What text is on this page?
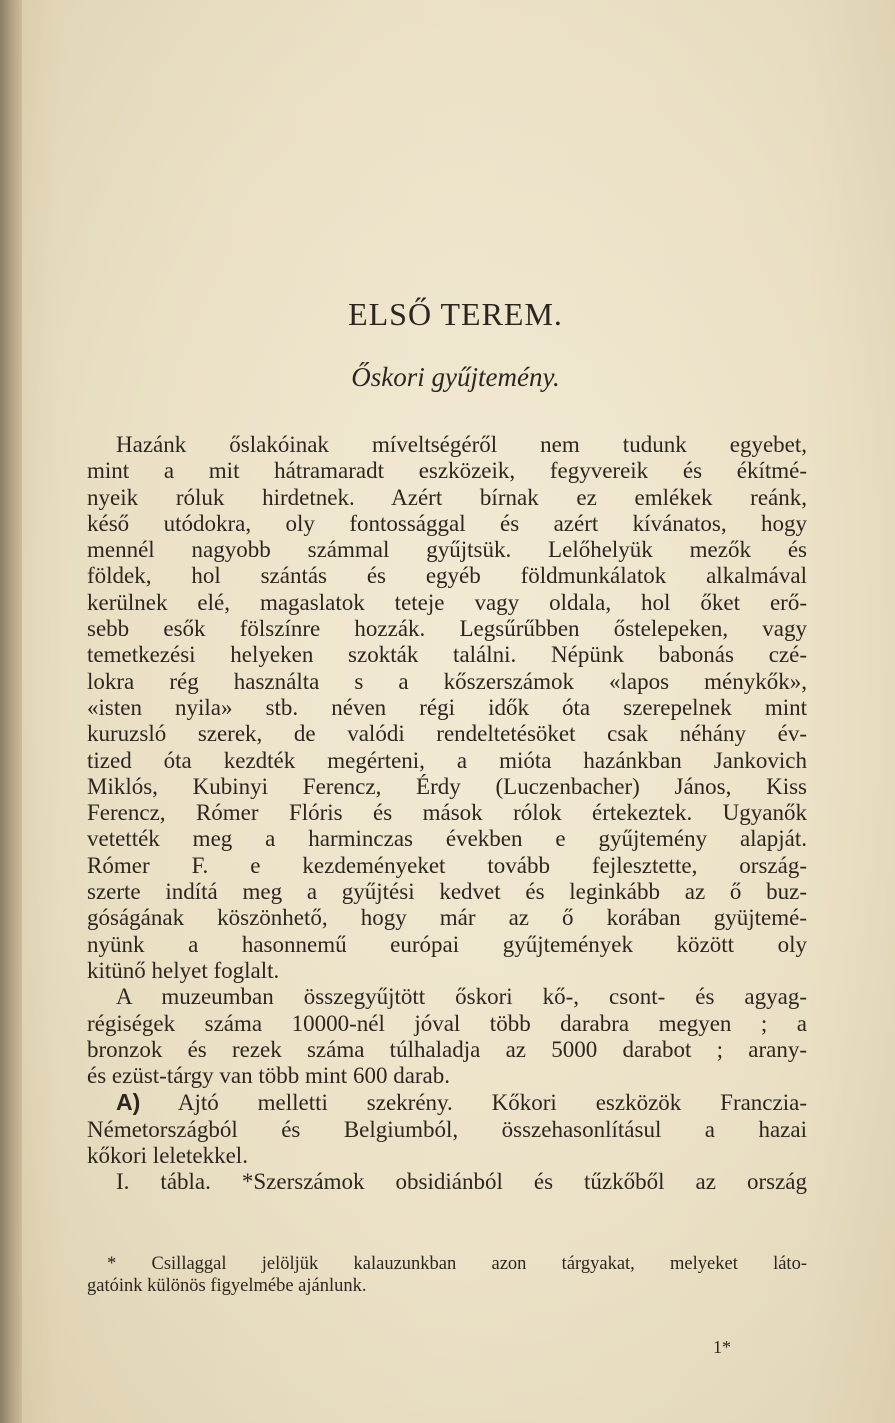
ELSŐ TEREM.
Őskori gyűjtemény.

Hazánk őslakóinak míveltségéről nem tudunk egyebet,

mint a mit hátramaradt eszközeik, fegyvereik és ékítmé-

nyeik róluk hirdetnek. Azért bírnak ez emlékek reánk,

késő utódokra, oly fontossággal és azért kívánatos, hogy

mennél nagyobb számmal gyűjtsük. Lelőhelyük mezők és

földek, hol szántás és egyéb földmunkálatok alkalmával

kerülnek elé, magaslatok teteje vagy oldala, hol őket erő-

sebb esők fölszínre hozzák. Legsűrűbben őstelepeken, vagy

temetkezési helyeken szokták találni. Népünk babonás czé-

lokra rég használta s a kőszerszámok «lapos ménykők»,

«isten nyila» stb. néven régi idők óta szerepelnek mint

kuruzsló szerek, de valódi rendeltetésöket csak néhány év-

tized óta kezdték megérteni, a mióta hazánkban Jankovich

Miklós, Kubinyi Ferencz, Érdy (Luczenbacher) János, Kiss

Ferencz, Rómer Flóris és mások rólok értekeztek. Ugyanők

vetették meg a harminczas években e gyűjtemény alapját.

Rómer F. e kezdeményeket tovább fejlesztette, ország-

szerte indítá meg a gyűjtési kedvet és leginkább az ő buz-

góságának köszönhető, hogy már az ő korában gyüjtemé-

nyünk a hasonnemű európai gyűjtemények között oly

kitünő helyet foglalt.

A muzeumban összegyűjtött őskori kő-, csont- és agyag-

régiségek száma 10000-nél jóval több darabra megyen ; a

bronzok és rezek száma túlhaladja az 5000 darabot ; arany-

és ezüst-tárgy van több mint 600 darab.

A) Ajtó melletti szekrény. Kőkori eszközök Franczia-

Németországból és Belgiumból, összehasonlításul a hazai

kőkori leletekkel.

I. tábla. *Szerszámok obsidiánból és tűzkőből az ország

* Csillaggal jelöljük kalauzunkban azon tárgyakat, melyeket láto-

gatóink különös figyelmébe ajánlunk.

1*
